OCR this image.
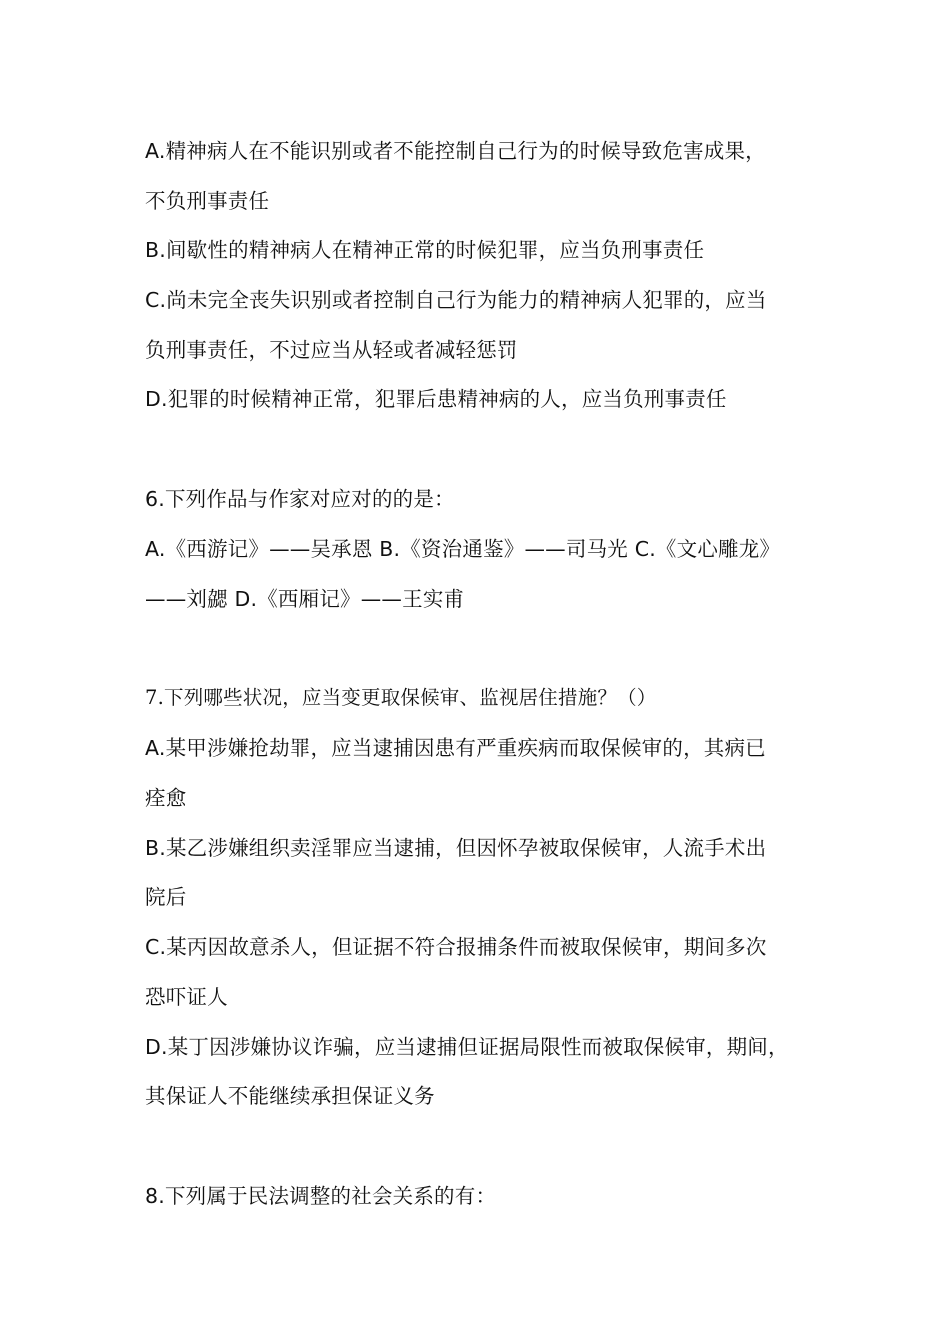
A.精神病人在不能识别或者不能控制自己行为的时候导致危害成果，
不负刑事责任
B.间歇性的精神病人在精神正常的时候犯罪，应当负刑事责任
C.尚未完全丧失识别或者控制自己行为能力的精神病人犯罪的，应当
负刑事责任，不过应当从轻或者减轻惩罚
D.犯罪的时候精神正常，犯罪后患精神病的人，应当负刑事责任
6.下列作品与作家对应对的的是：
A.《西游记》——吴承恩 B.《资治通鉴》——司马光 C.《文心雕龙》
——刘勰 D.《西厢记》——王实甫
7.下列哪些状况，应当变更取保候审、监视居住措施？（）
A.某甲涉嫌抢劫罪，应当逮捕因患有严重疾病而取保候审的，其病已
痊愈
B.某乙涉嫌组织卖淫罪应当逮捕，但因怀孕被取保候审，人流手术出
院后
C.某丙因故意杀人，但证据不符合报捕条件而被取保候审，期间多次
恐吓证人
D.某丁因涉嫌协议诈骗，应当逮捕但证据局限性而被取保候审，期间，
其保证人不能继续承担保证义务
8.下列属于民法调整的社会关系的有：
